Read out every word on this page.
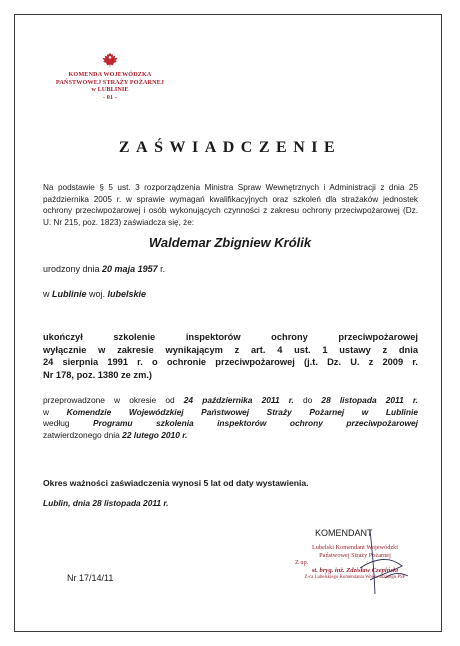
KOMENDA WOJEWÓDZKA
PAŃSTWOWEJ STRAŻY POŻARNEJ
w LUBLINIE
- 01 -
ZAŚWIADCZENIE
Na podstawie § 5 ust. 3 rozporządzenia Ministra Spraw Wewnętrznych i Administracji z dnia 25 października 2005 r. w sprawie wymagań kwalifikacyjnych oraz szkoleń dla strażaków jednostek ochrony przeciwpożarowej i osób wykonujących czynności z zakresu ochrony przeciwpożarowej (Dz. U. Nr 215, poz. 1823) zaświadcza się, że:
Waldemar Zbigniew Królik
urodzony dnia 20 maja 1957 r.
w Lublinie woj. lubelskie
ukończył szkolenie inspektorów ochrony przeciwpożarowej
wyłącznie w zakresie wynikającym z art. 4 ust. 1 ustawy z dnia
24 sierpnia 1991 r. o ochronie przeciwpożarowej (j.t. Dz. U. z 2009 r.
Nr 178, poz. 1380 ze zm.)
przeprowadzone w okresie od 24 października 2011 r. do 28 listopada 2011 r.
w Komendzie Wojewódzkiej Państwowej Straży Pożarnej w Lublinie
według Programu szkolenia inspektorów ochrony przeciwpożarowej
zatwierdzonego dnia 22 lutego 2010 r.
Okres ważności zaświadczenia wynosi 5 lat od daty wystawienia.
Lublin, dnia 28 listopada 2011 r.
KOMENDANT
Lubelski Komendant Wojewódzki
Państwowej Straży Pożarnej
Z up.
st. bryg. inż. Zdzisław Czepiński
Z-ca Lubelskiego Komendanta Wojewódzkiego PSP
Nr 17/14/11
